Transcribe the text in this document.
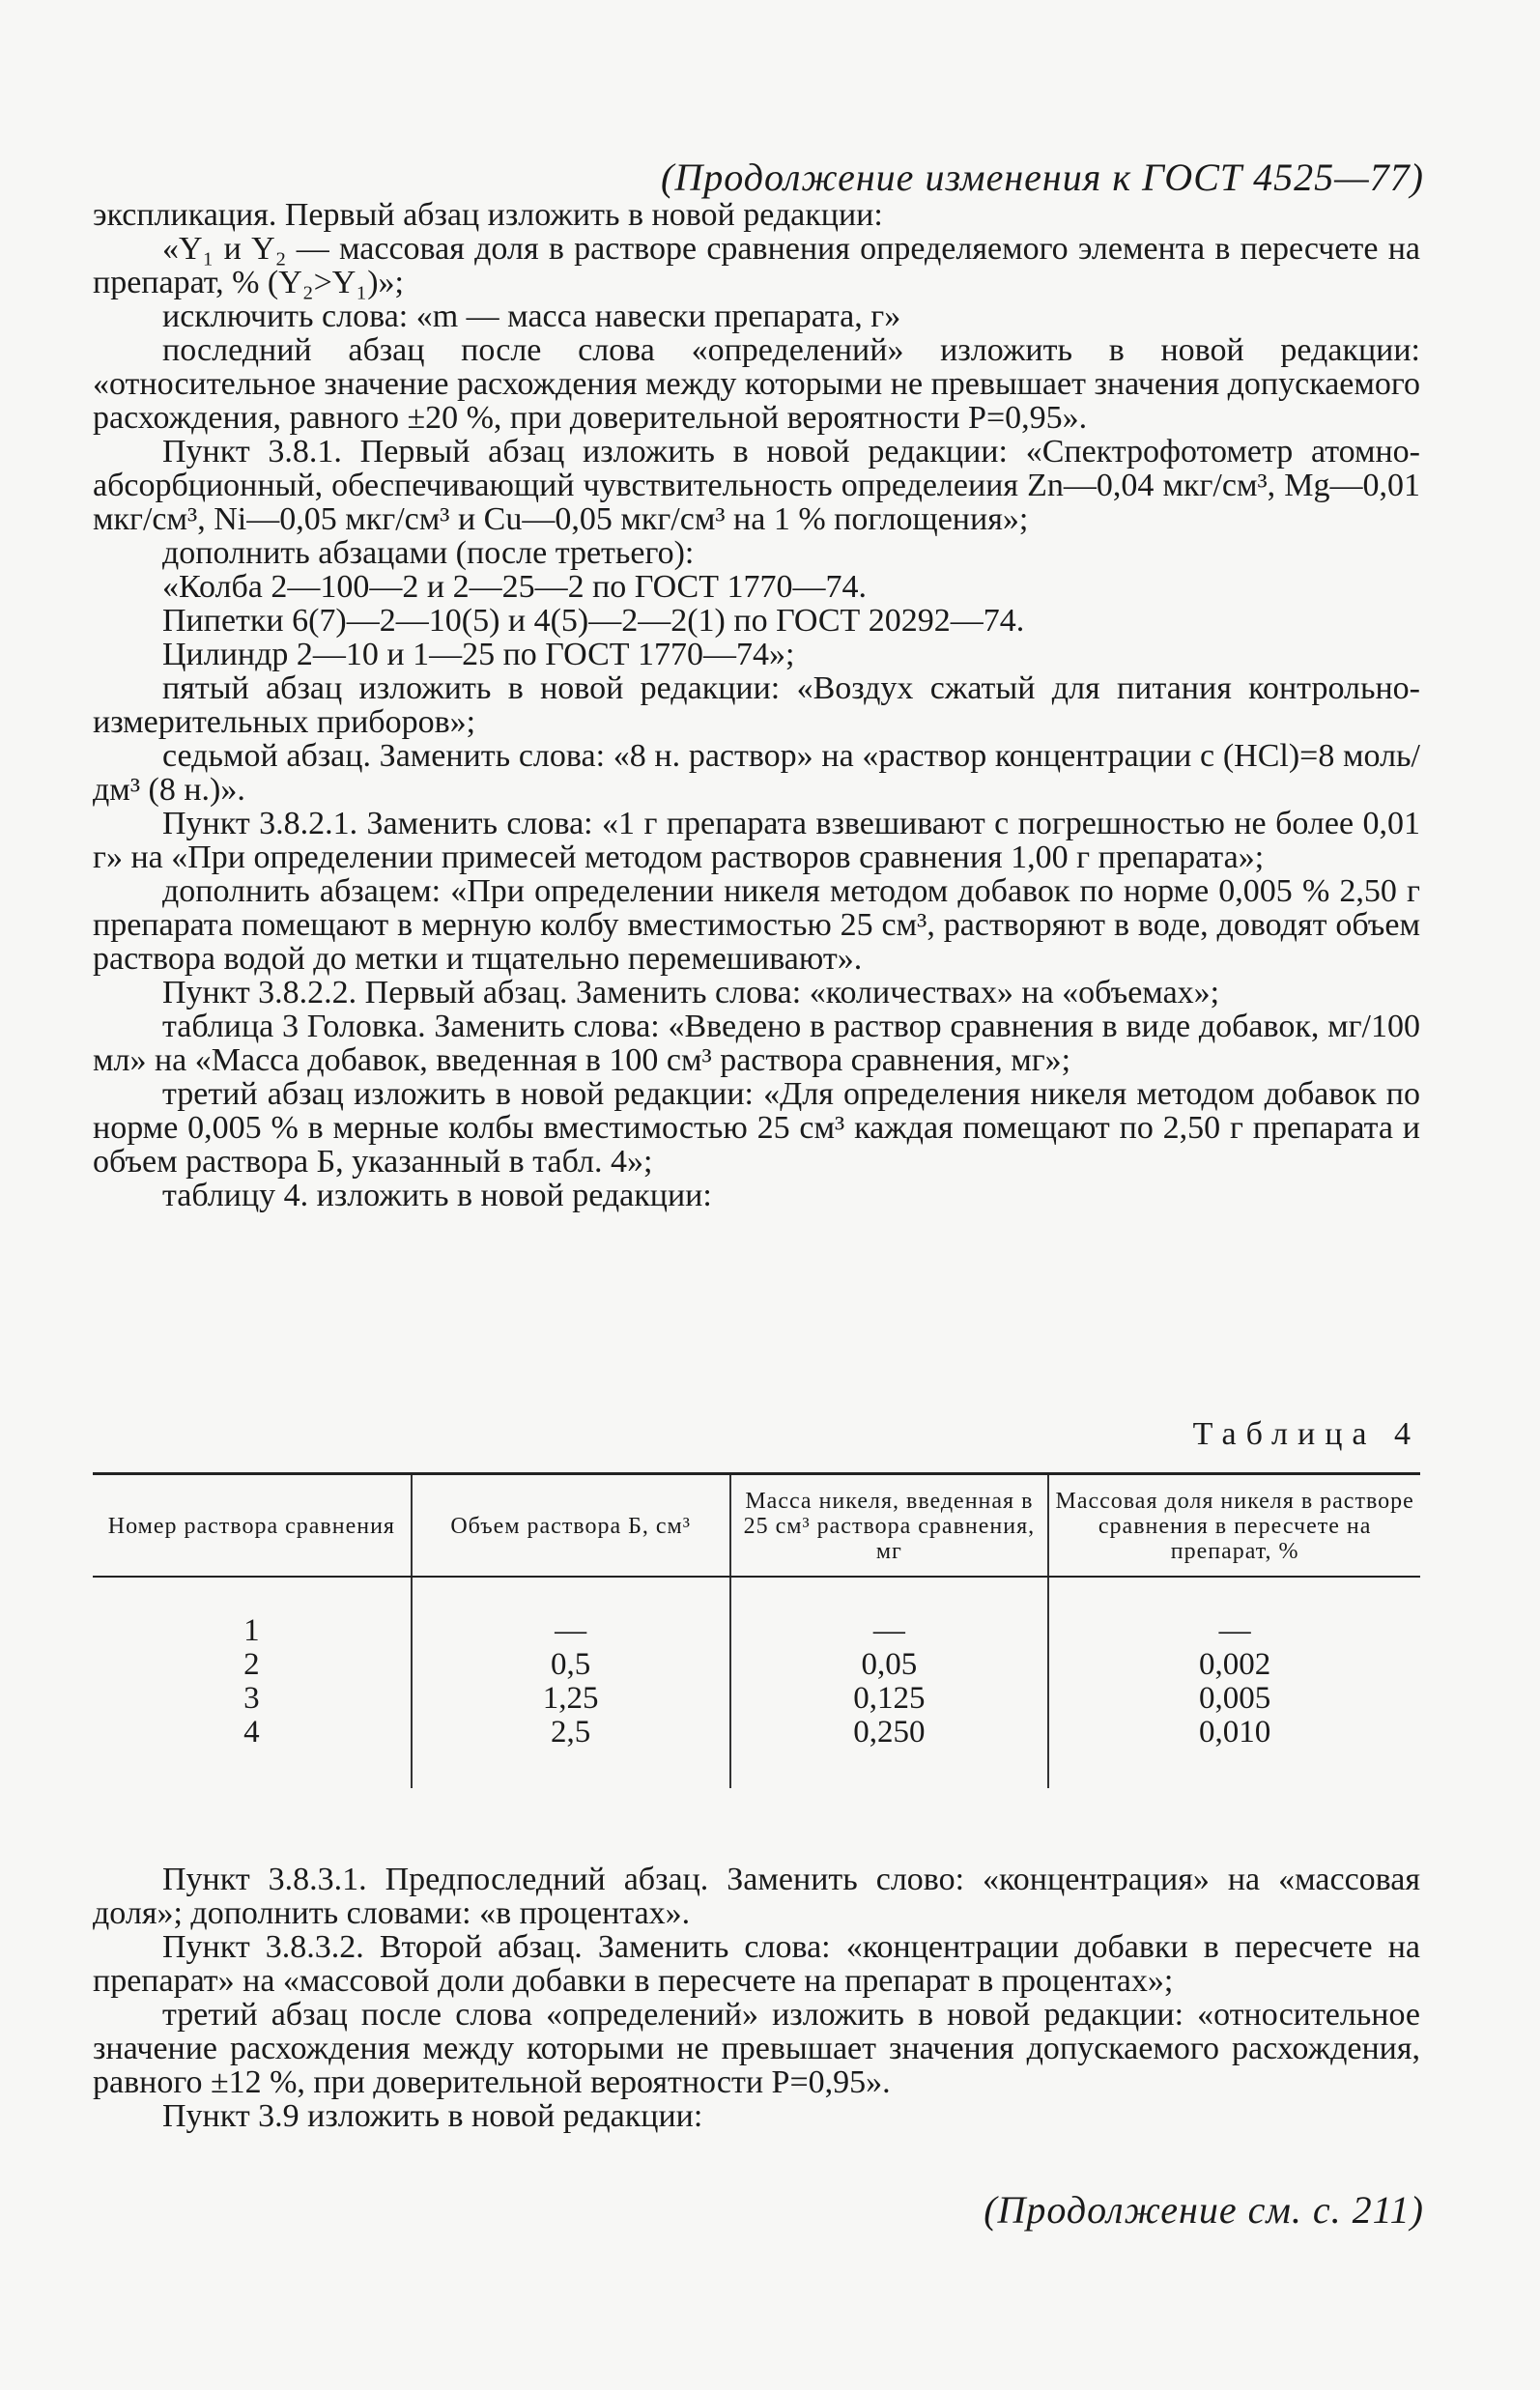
(Продолжение изменения к ГОСТ 4525—77)

экспликация. Первый абзац изложить в новой редакции:

«Y₁ и Y₂ — массовая доля в растворе сравнения определяемого элемента в пересчете на препарат, % (Y₂>Y₁)»;

исключить слова: «m — масса навески препарата, г»

последний абзац после слова «определений» изложить в новой редакции: «относительное значение расхождения между которыми не превышает значения допускаемого расхождения, равного ±20 %, при доверительной вероятности P=0,95».

Пункт 3.8.1. Первый абзац изложить в новой редакции: «Спектрофотометр атомно-абсорбционный, обеспечивающий чувствительность определеиия Zn—0,04 мкг/см³, Mg—0,01 мкг/см³, Ni—0,05 мкг/см³ и Cu—0,05 мкг/см³ на 1 % поглощения»;

дополнить абзацами (после третьего):

«Колба 2—100—2 и 2—25—2 по ГОСТ 1770—74.

Пипетки 6(7)—2—10(5) и 4(5)—2—2(1) по ГОСТ 20292—74.

Цилиндр 2—10 и 1—25 по ГОСТ 1770—74»;

пятый абзац изложить в новой редакции: «Воздух сжатый для питания контрольно-измерительных приборов»;

седьмой абзац. Заменить слова: «8 н. раствор» на «раствор концентрации c (HCl)=8 моль/дм³ (8 н.)».

Пункт 3.8.2.1. Заменить слова: «1 г препарата взвешивают с погрешностью не более 0,01 г» на «При определении примесей методом растворов сравнения 1,00 г препарата»;

дополнить абзацем: «При определении никеля методом добавок по норме 0,005 % 2,50 г препарата помещают в мерную колбу вместимостью 25 см³, растворяют в воде, доводят объем раствора водой до метки и тщательно перемешивают».

Пункт 3.8.2.2. Первый абзац. Заменить слова: «количествах» на «объемах»;

таблица 3 Головка. Заменить слова: «Введено в раствор сравнения в виде добавок, мг/100 мл» на «Масса добавок, введенная в 100 см³ раствора сравнения, мг»;

третий абзац изложить в новой редакции: «Для определения никеля методом добавок по норме 0,005 % в мерные колбы вместимостью 25 см³ каждая помещают по 2,50 г препарата и объем раствора Б, указанный в табл. 4»;

таблицу 4. изложить в новой редакции:

Таблица 4
Номер раствора сравнения	Объем раствора Б, см³	Масса никеля, введенная в 25 см³ раствора сравнения, мг	Массовая доля никеля в растворе сравнения в пересчете на препарат, %
1	—	—	—
2	0,5	0,05	0,002
3	1,25	0,125	0,005
4	2,5	0,250	0,010

Пункт 3.8.3.1. Предпоследний абзац. Заменить слово: «концентрация» на «массовая доля»; дополнить словами: «в процентах».

Пункт 3.8.3.2. Второй абзац. Заменить слова: «концентрации добавки в пересчете на препарат» на «массовой доли добавки в пересчете на препарат в процентах»;

третий абзац после слова «определений» изложить в новой редакции: «относительное значение расхождения между которыми не превышает значения допускаемого расхождения, равного ±12 %, при доверительной вероятности P=0,95».

Пункт 3.9 изложить в новой редакции:

(Продолжение см. с. 211)
